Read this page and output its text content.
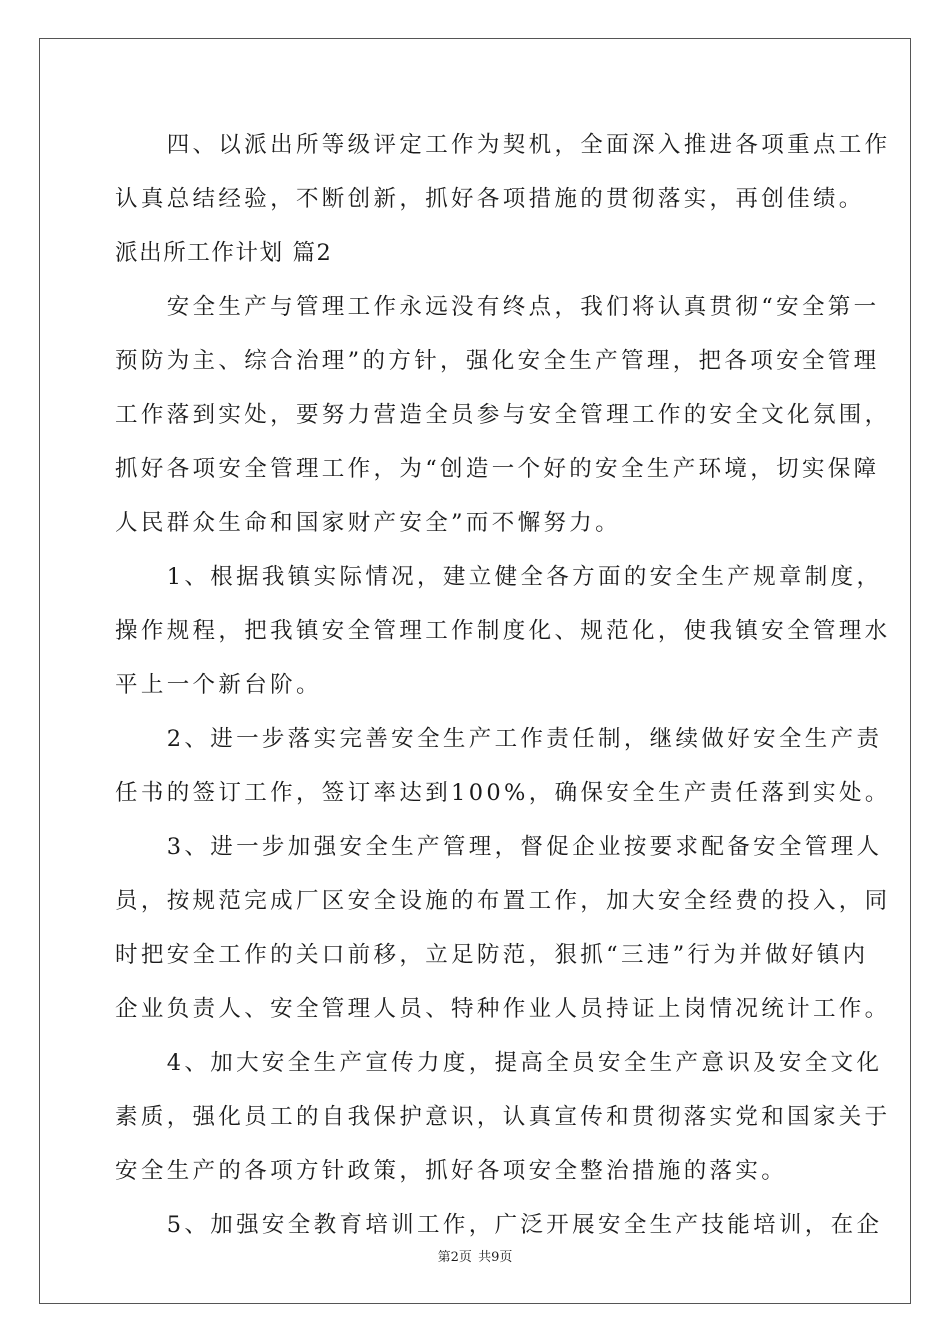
　　四、以派出所等级评定工作为契机，全面深入推进各项重点工作
认真总结经验，不断创新，抓好各项措施的贯彻落实，再创佳绩。
派出所工作计划 篇2
　　安全生产与管理工作永远没有终点，我们将认真贯彻“安全第一
预防为主、综合治理”的方针，强化安全生产管理，把各项安全管理
工作落到实处，要努力营造全员参与安全管理工作的安全文化氛围，
抓好各项安全管理工作，为“创造一个好的安全生产环境，切实保障
人民群众生命和国家财产安全”而不懈努力。
　　1、根据我镇实际情况，建立健全各方面的安全生产规章制度，
操作规程，把我镇安全管理工作制度化、规范化，使我镇安全管理水
平上一个新台阶。
　　2、进一步落实完善安全生产工作责任制，继续做好安全生产责
任书的签订工作，签订率达到100%，确保安全生产责任落到实处。
　　3、进一步加强安全生产管理，督促企业按要求配备安全管理人
员，按规范完成厂区安全设施的布置工作，加大安全经费的投入，同
时把安全工作的关口前移，立足防范，狠抓“三违”行为并做好镇内
企业负责人、安全管理人员、特种作业人员持证上岗情况统计工作。
　　4、加大安全生产宣传力度，提高全员安全生产意识及安全文化
素质，强化员工的自我保护意识，认真宣传和贯彻落实党和国家关于
安全生产的各项方针政策，抓好各项安全整治措施的落实。
　　5、加强安全教育培训工作，广泛开展安全生产技能培训，在企
第2页 共9页
